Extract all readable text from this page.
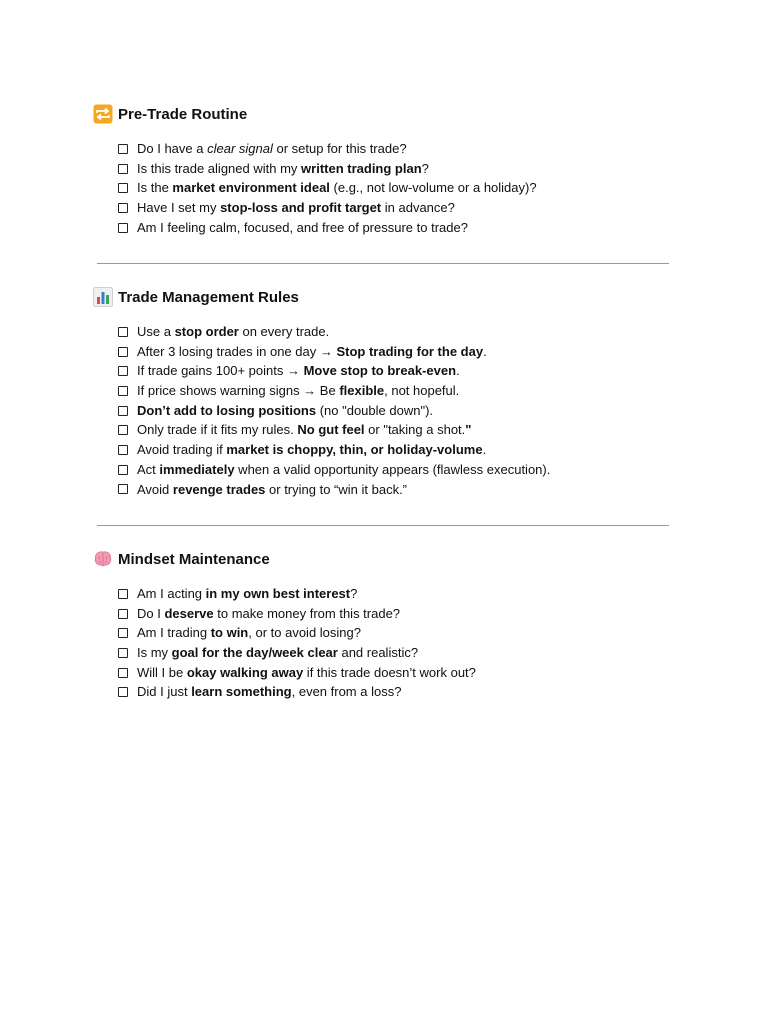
Pre-Trade Routine
Do I have a clear signal or setup for this trade?
Is this trade aligned with my written trading plan?
Is the market environment ideal (e.g., not low-volume or a holiday)?
Have I set my stop-loss and profit target in advance?
Am I feeling calm, focused, and free of pressure to trade?
Trade Management Rules
Use a stop order on every trade.
After 3 losing trades in one day → Stop trading for the day.
If trade gains 100+ points → Move stop to break-even.
If price shows warning signs → Be flexible, not hopeful.
Don’t add to losing positions (no "double down").
Only trade if it fits my rules. No gut feel or "taking a shot."
Avoid trading if market is choppy, thin, or holiday-volume.
Act immediately when a valid opportunity appears (flawless execution).
Avoid revenge trades or trying to “win it back.”
Mindset Maintenance
Am I acting in my own best interest?
Do I deserve to make money from this trade?
Am I trading to win, or to avoid losing?
Is my goal for the day/week clear and realistic?
Will I be okay walking away if this trade doesn’t work out?
Did I just learn something, even from a loss?
